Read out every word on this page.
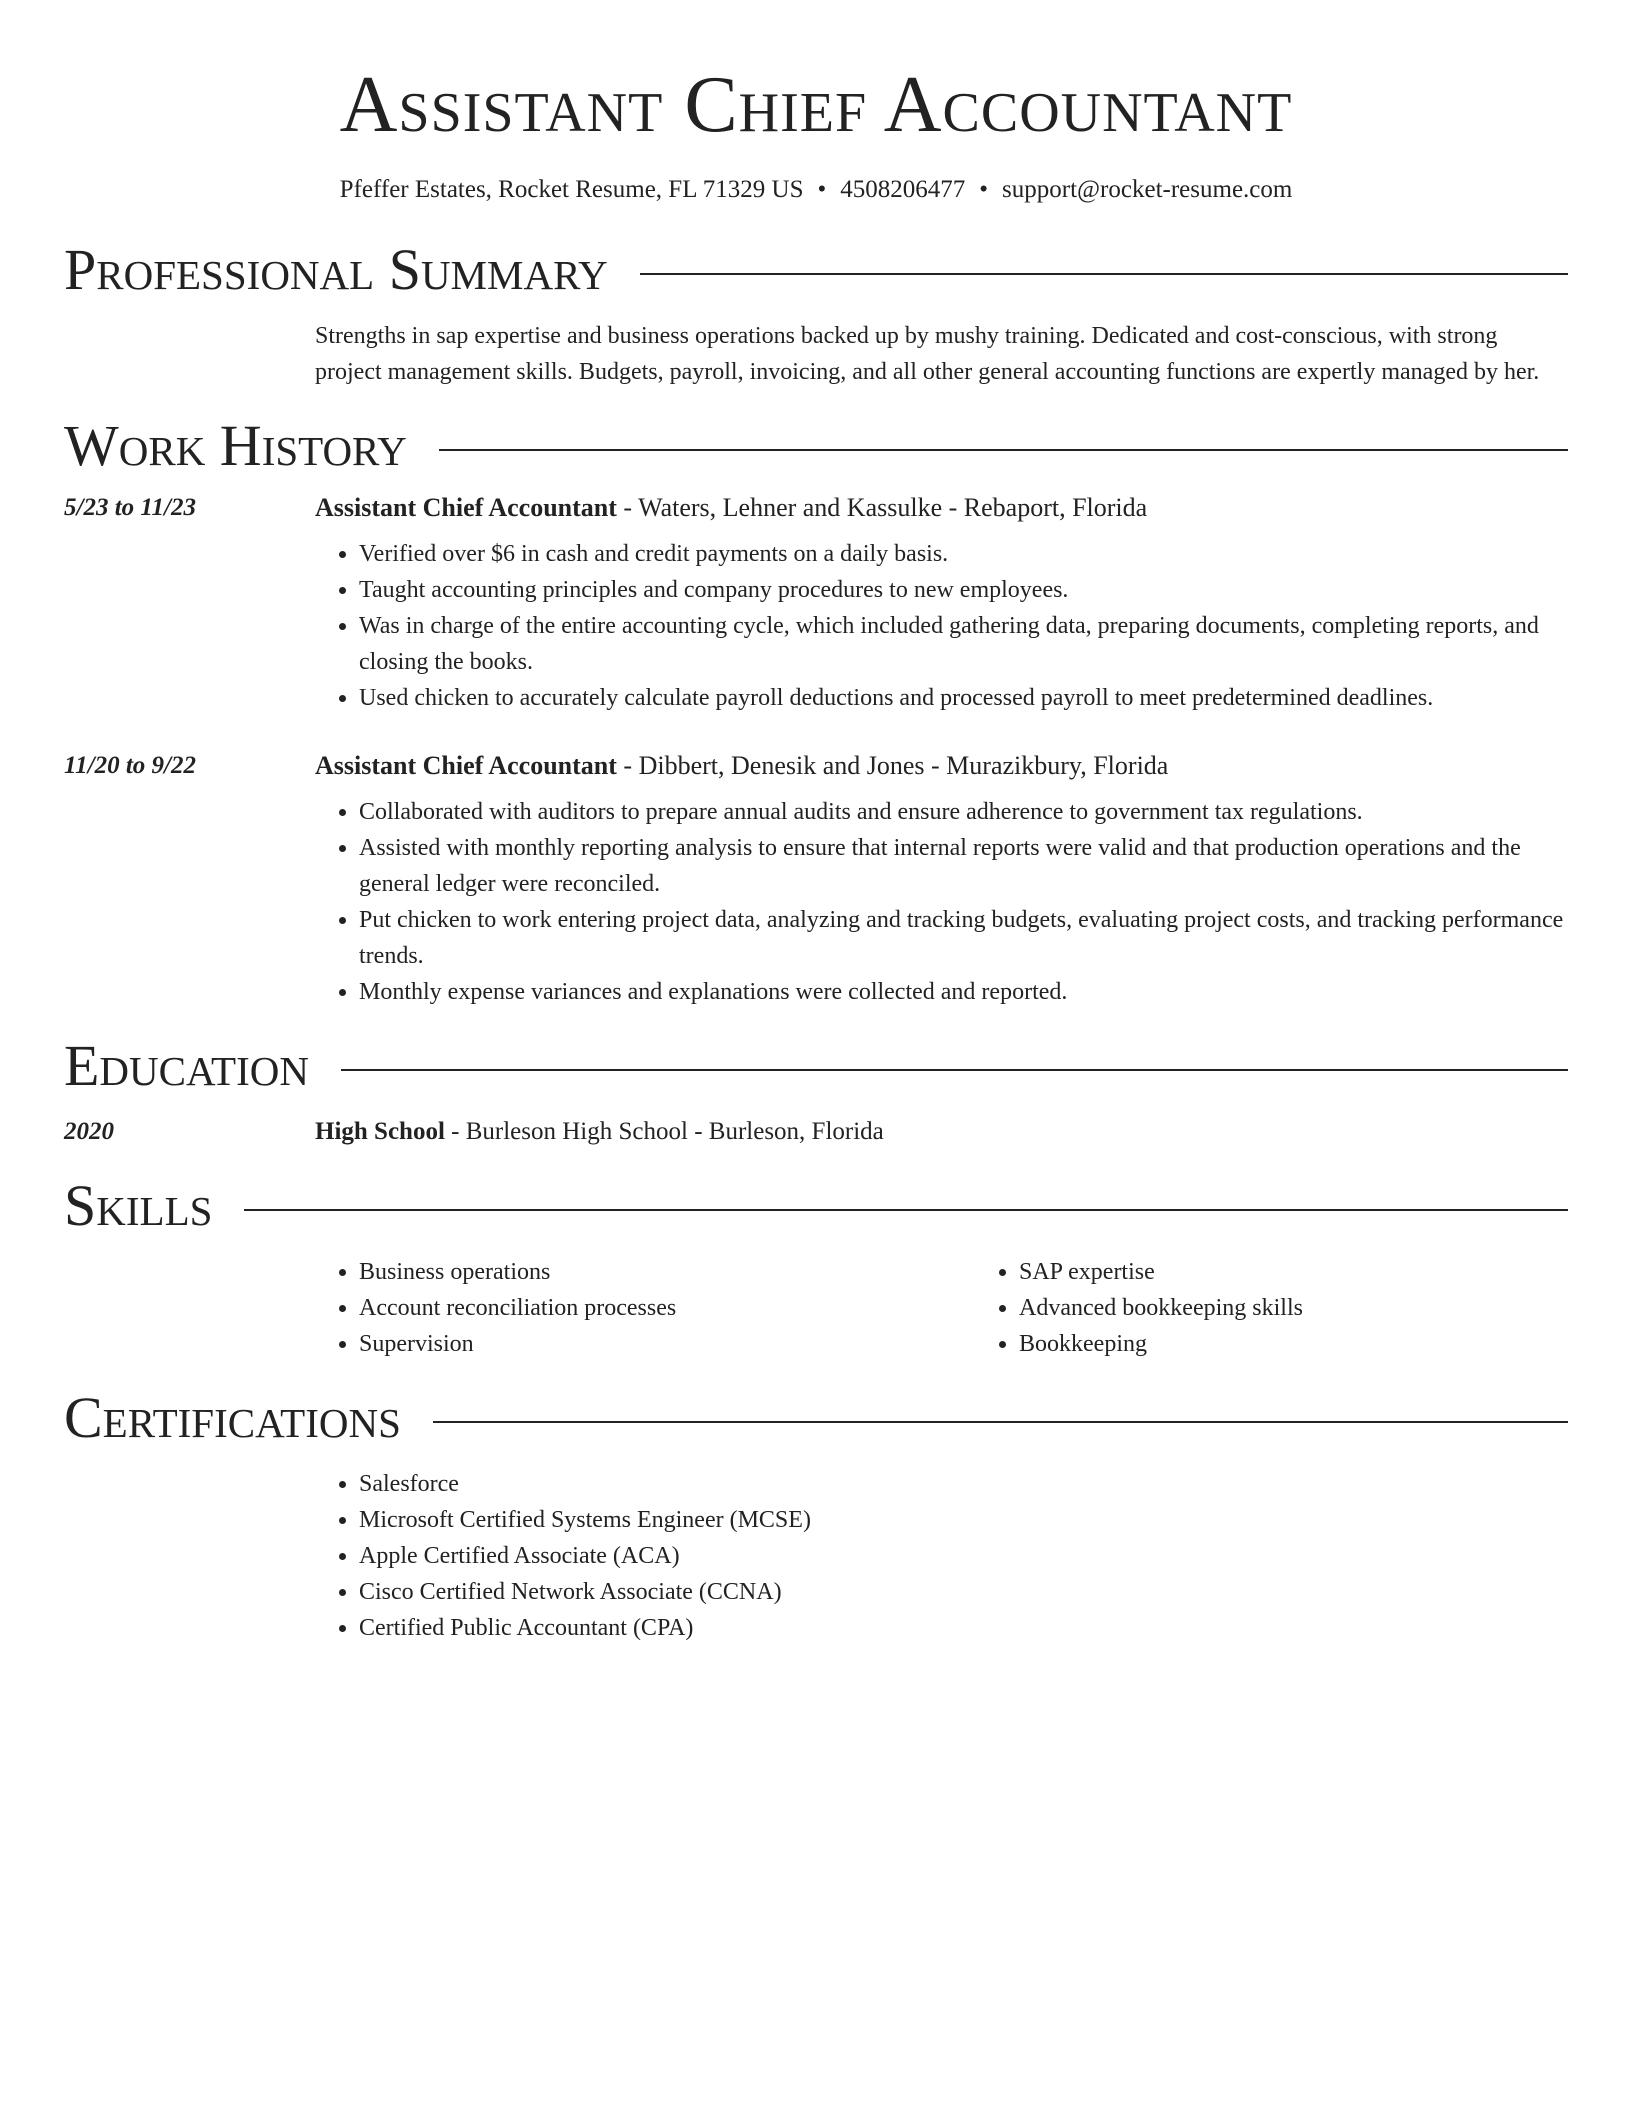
Assistant Chief Accountant
Pfeffer Estates, Rocket Resume, FL 71329 US • 4508206477 • support@rocket-resume.com
Professional Summary
Strengths in sap expertise and business operations backed up by mushy training. Dedicated and cost-conscious, with strong project management skills. Budgets, payroll, invoicing, and all other general accounting functions are expertly managed by her.
Work History
5/23 to 11/23	Assistant Chief Accountant - Waters, Lehner and Kassulke - Rebaport, Florida
• Verified over $6 in cash and credit payments on a daily basis.
• Taught accounting principles and company procedures to new employees.
• Was in charge of the entire accounting cycle, which included gathering data, preparing documents, completing reports, and closing the books.
• Used chicken to accurately calculate payroll deductions and processed payroll to meet predetermined deadlines.
11/20 to 9/22	Assistant Chief Accountant - Dibbert, Denesik and Jones - Murazikbury, Florida
• Collaborated with auditors to prepare annual audits and ensure adherence to government tax regulations.
• Assisted with monthly reporting analysis to ensure that internal reports were valid and that production operations and the general ledger were reconciled.
• Put chicken to work entering project data, analyzing and tracking budgets, evaluating project costs, and tracking performance trends.
• Monthly expense variances and explanations were collected and reported.
Education
2020	High School - Burleson High School - Burleson, Florida
Skills
• Business operations
• Account reconciliation processes
• Supervision
• SAP expertise
• Advanced bookkeeping skills
• Bookkeeping
Certifications
• Salesforce
• Microsoft Certified Systems Engineer (MCSE)
• Apple Certified Associate (ACA)
• Cisco Certified Network Associate (CCNA)
• Certified Public Accountant (CPA)
